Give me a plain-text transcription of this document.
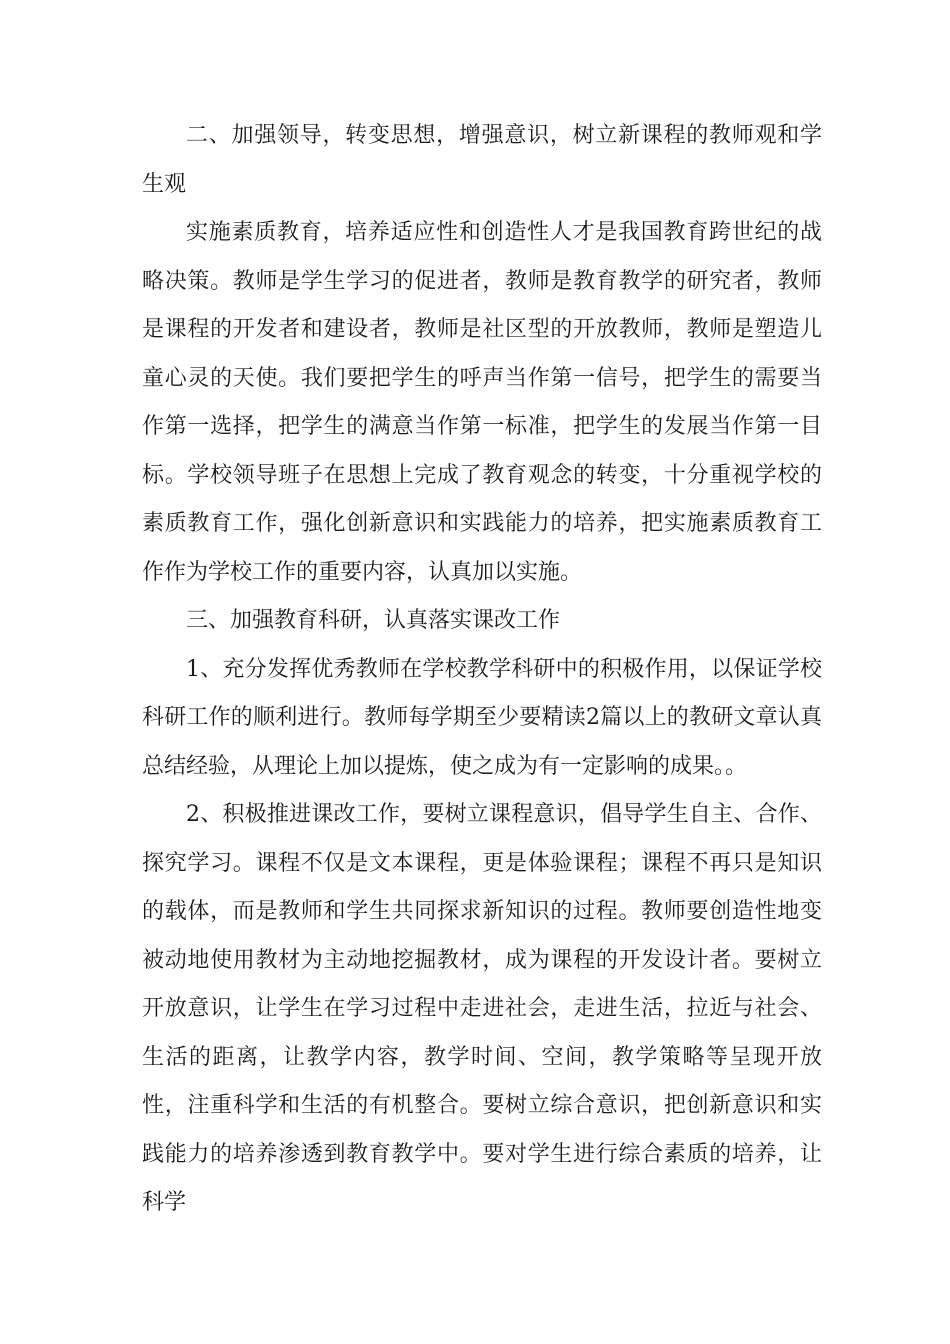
二、加强领导，转变思想，增强意识，树立新课程的教师观和学生观

实施素质教育，培养适应性和创造性人才是我国教育跨世纪的战略决策。教师是学生学习的促进者，教师是教育教学的研究者，教师是课程的开发者和建设者，教师是社区型的开放教师，教师是塑造儿童心灵的天使。我们要把学生的呼声当作第一信号，把学生的需要当作第一选择，把学生的满意当作第一标准，把学生的发展当作第一目标。学校领导班子在思想上完成了教育观念的转变，十分重视学校的素质教育工作，强化创新意识和实践能力的培养，把实施素质教育工作作为学校工作的重要内容，认真加以实施。

三、加强教育科研，认真落实课改工作

1、充分发挥优秀教师在学校教学科研中的积极作用，以保证学校科研工作的顺利进行。教师每学期至少要精读2篇以上的教研文章认真总结经验，从理论上加以提炼，使之成为有一定影响的成果。。

2、积极推进课改工作，要树立课程意识，倡导学生自主、合作、探究学习。课程不仅是文本课程，更是体验课程；课程不再只是知识的载体，而是教师和学生共同探求新知识的过程。教师要创造性地变被动地使用教材为主动地挖掘教材，成为课程的开发设计者。要树立开放意识，让学生在学习过程中走进社会，走进生活，拉近与社会、生活的距离，让教学内容，教学时间、空间，教学策略等呈现开放性，注重科学和生活的有机整合。要树立综合意识，把创新意识和实践能力的培养渗透到教育教学中。要对学生进行综合素质的培养，让科学
